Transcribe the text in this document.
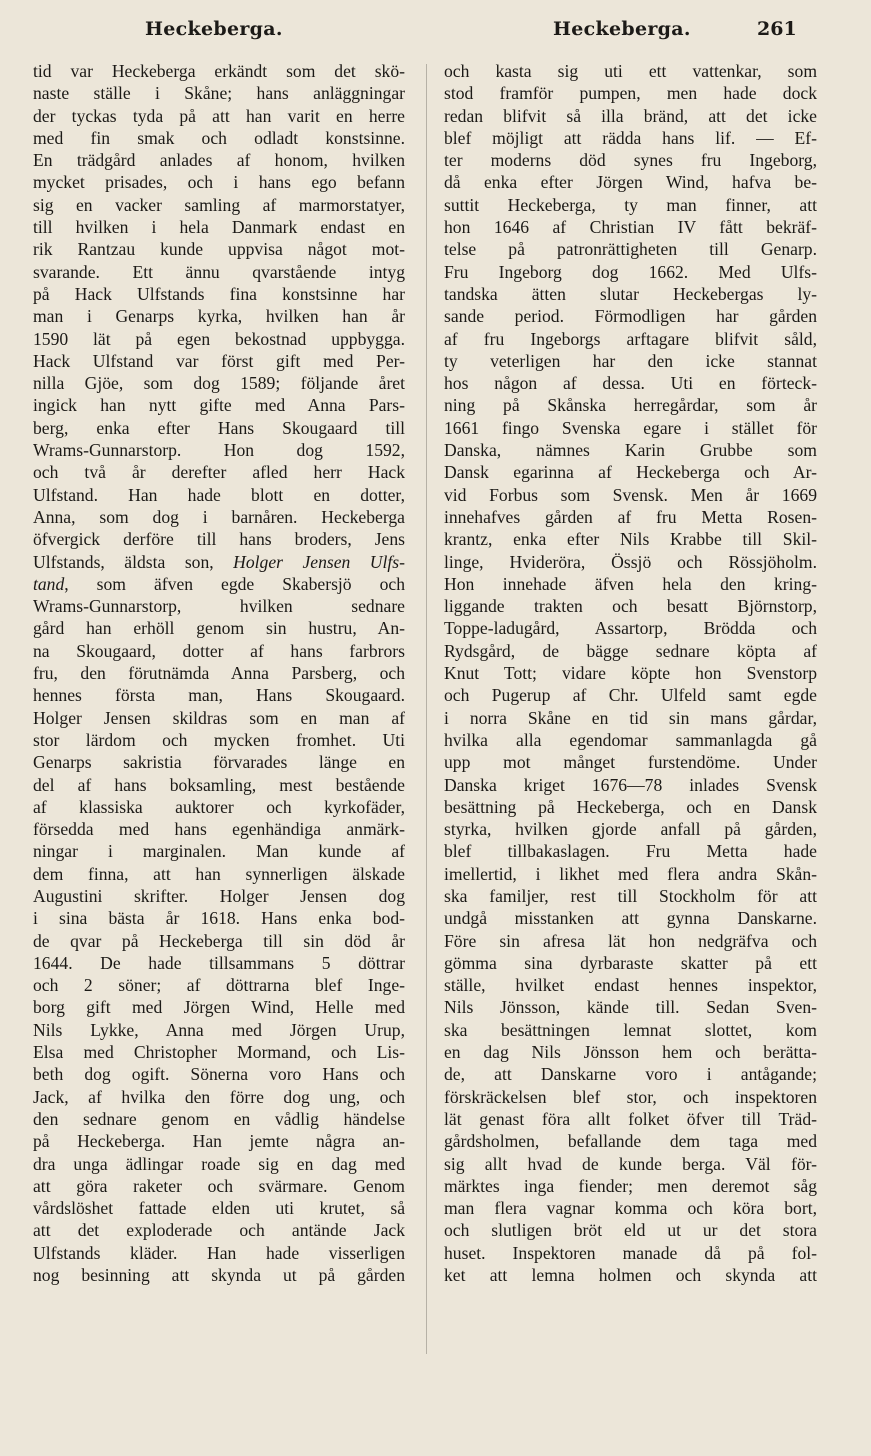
Heckeberga.	Heckeberga.	261
tid var Heckeberga erkändt som det skö-
naste ställe i Skåne; hans anläggningar
der tyckas tyda på att han varit en herre
med fin smak och odladt konstsinne.
En trädgård anlades af honom, hvilken
mycket prisades, och i hans ego befann
sig en vacker samling af marmorstatyer,
till hvilken i hela Danmark endast en
rik Rantzau kunde uppvisa något mot-
svarande. Ett ännu qvarstående intyg
på Hack Ulfstands fina konstsinne har
man i Genarps kyrka, hvilken han år
1590 lät på egen bekostnad uppbygga.
Hack Ulfstand var först gift med Per-
nilla Gjöe, som dog 1589; följande året
ingick han nytt gifte med Anna Pars-
berg, enka efter Hans Skougaard till
Wrams-Gunnarstorp. Hon dog 1592,
och två år derefter afled herr Hack
Ulfstand. Han hade blott en dotter,
Anna, som dog i barnåren. Heckeberga
öfvergick derföre till hans broders, Jens
Ulfstands, äldsta son, Holger Jensen Ulfs-
tand, som äfven egde Skabersjö och
Wrams-Gunnarstorp, hvilken sednare
gård han erhöll genom sin hustru, An-
na Skougaard, dotter af hans farbrors
fru, den förutnämda Anna Parsberg, och
hennes första man, Hans Skougaard.
Holger Jensen skildras som en man af
stor lärdom och mycken fromhet. Uti
Genarps sakristia förvarades länge en
del af hans boksamling, mest bestående
af klassiska auktorer och kyrkofäder,
försedda med hans egenhändiga anmärk-
ningar i marginalen. Man kunde af
dem finna, att han synnerligen älskade
Augustini skrifter. Holger Jensen dog
i sina bästa år 1618. Hans enka bod-
de qvar på Heckeberga till sin död år
1644. De hade tillsammans 5 döttrar
och 2 söner; af döttrarna blef Inge-
borg gift med Jörgen Wind, Helle med
Nils Lykke, Anna med Jörgen Urup,
Elsa med Christopher Mormand, och Lis-
beth dog ogift. Sönerna voro Hans och
Jack, af hvilka den förre dog ung, och
den sednare genom en vådlig händelse
på Heckeberga. Han jemte några an-
dra unga ädlingar roade sig en dag med
att göra raketer och svärmare. Genom
vårdslöshet fattade elden uti krutet, så
att det exploderade och antände Jack
Ulfstands kläder. Han hade visserligen
nog besinning att skynda ut på gården
och kasta sig uti ett vattenkar, som
stod framför pumpen, men hade dock
redan blifvit så illa bränd, att det icke
blef möjligt att rädda hans lif. — Ef-
ter moderns död synes fru Ingeborg,
då enka efter Jörgen Wind, hafva be-
suttit Heckeberga, ty man finner, att
hon 1646 af Christian IV fått bekräf-
telse på patronrättigheten till Genarp.
Fru Ingeborg dog 1662. Med Ulfs-
tandska ätten slutar Heckebergas ly-
sande period. Förmodligen har gården
af fru Ingeborgs arftagare blifvit såld,
ty veterligen har den icke stannat
hos någon af dessa. Uti en förteck-
ning på Skånska herregårdar, som år
1661 fingo Svenska egare i stället för
Danska, nämnes Karin Grubbe som
Dansk egarinna af Heckeberga och Ar-
vid Forbus som Svensk. Men år 1669
innehafves gården af fru Metta Rosen-
krantz, enka efter Nils Krabbe till Skil-
linge, Hvideröra, Össjö och Rössjöholm.
Hon innehade äfven hela den kring-
liggande trakten och besatt Björnstorp,
Toppe-ladugård, Assartorp, Brödda och
Rydsgård, de bägge sednare köpta af
Knut Tott; vidare köpte hon Svenstorp
och Pugerup af Chr. Ulfeld samt egde
i norra Skåne en tid sin mans gårdar,
hvilka alla egendomar sammanlagda gå
upp mot månget furstendöme. Under
Danska kriget 1676—78 inlades Svensk
besättning på Heckeberga, och en Dansk
styrka, hvilken gjorde anfall på gården,
blef tillbakaslagen. Fru Metta hade
imellertid, i likhet med flera andra Skån-
ska familjer, rest till Stockholm för att
undgå misstanken att gynna Danskarne.
Före sin afresa lät hon nedgräfva och
gömma sina dyrbaraste skatter på ett
ställe, hvilket endast hennes inspektor,
Nils Jönsson, kände till. Sedan Sven-
ska besättningen lemnat slottet, kom
en dag Nils Jönsson hem och berätta-
de, att Danskarne voro i antågande;
förskräckelsen blef stor, och inspektoren
lät genast föra allt folket öfver till Träd-
gårdsholmen, befallande dem taga med
sig allt hvad de kunde berga. Väl för-
märktes inga fiender; men deremot såg
man flera vagnar komma och köra bort,
och slutligen bröt eld ut ur det stora
huset. Inspektoren manade då på fol-
ket att lemna holmen och skynda att
